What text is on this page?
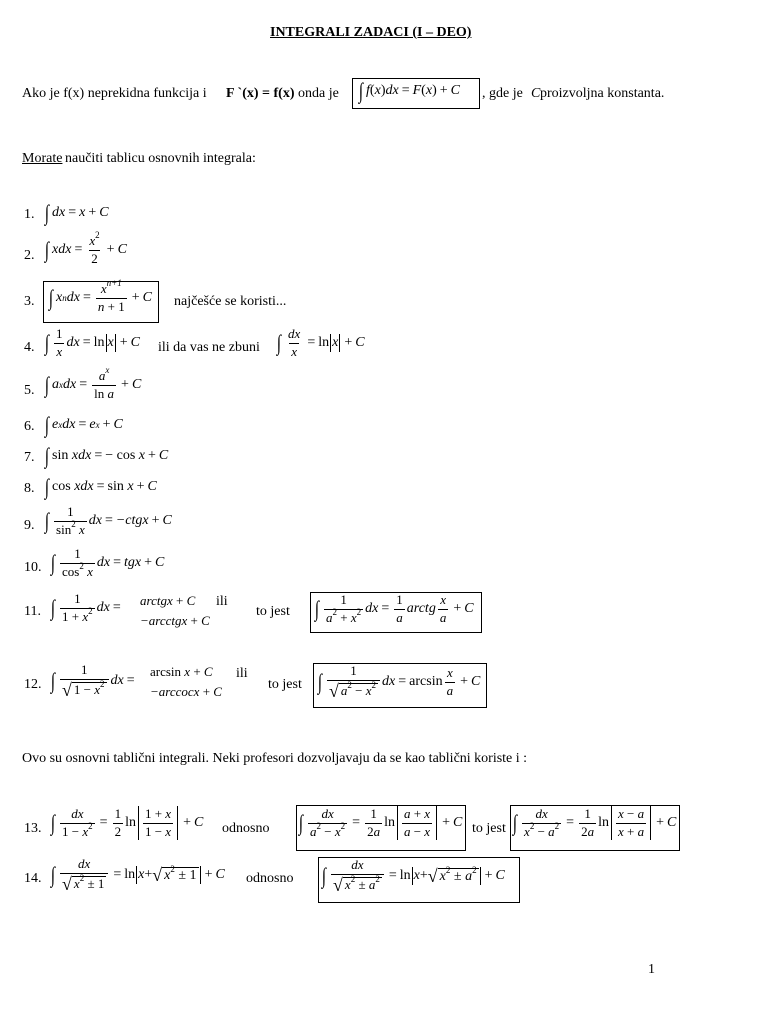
INTEGRALI ZADACI (I – DEO)
Ako je f(x) neprekidna funkcija i F `(x) = f(x) onda je ∫ f ( x ) dx = F ( x ) + C , gde je C proizvoljna konstanta.
Morate naučiti tablicu osnovnih integrala:
1. ∫ dx = x + C
2. ∫ xdx = $\frac{x^2}{2} + C$
3. ∫ x n dx = $\frac{x^{n+1}}{n + 1} + C$ najčešće se koristi...
4. ∫ $\frac{1}{x}$ dx = ln x + C ili da vas ne zbuni ∫ $\frac{dx}{x} = \ln x + C$
5. ∫ a x dx = $\frac{a^x}{\text{ln a}} + C$
6. ∫ e x dx = e x + C
7. ∫ sin xdx = − cos x + C
8. ∫ cos xdx = sin x + C
9. ∫ $\frac{1}{\sin^2 x}$ dx = −ctgx + C
10. ∫ $\frac{1}{\cos^2 x}$ dx = tgx + C
11. ∫ $\frac{1}{1 + x^2}$ dx = arctgx + C
−arcctgx + C
ili
to jest ∫ $\frac{1}{a^2 + x^2}$ dx = $\frac{1}{a}$ arctg $\frac{x}{a} + C$
12. ∫ $\frac{1}{√ 1 - x^2}$ dx =
arcsin x + C
−arccocx + C
ili
to jest ∫ $\frac{1}{√ a^2 - x^2}$ dx = $\arcsin \frac{x}{a} + C$
Ovo su osnovni tablični integrali. Neki profesori dozvoljavaju da se kao tablični koriste i :
13. ∫ $\frac{dx}{1 - x^2} = \frac{1}{2}$ $\ln \frac{1 + x}{1 - x} + C$ odnosno ∫ $\frac{dx}{a^2 - x^2} = \frac{1}{2a}$ $\ln \frac{a + x}{a - x} + C$ to jest ∫ $\frac{dx}{x^2 - a^2} = \frac{1}{2a}$ $\ln \frac{x - a}{x + a} + C$
14. ∫ $\frac{dx}{√ x^2 \pm 1} = \ln x$ + √ $x^2 \pm 1 + C$ odnosno ∫ $\frac{dx}{√ x^2 \pm a^2} = \ln x$ + √ $x^2 \pm a^2 + C$
1
